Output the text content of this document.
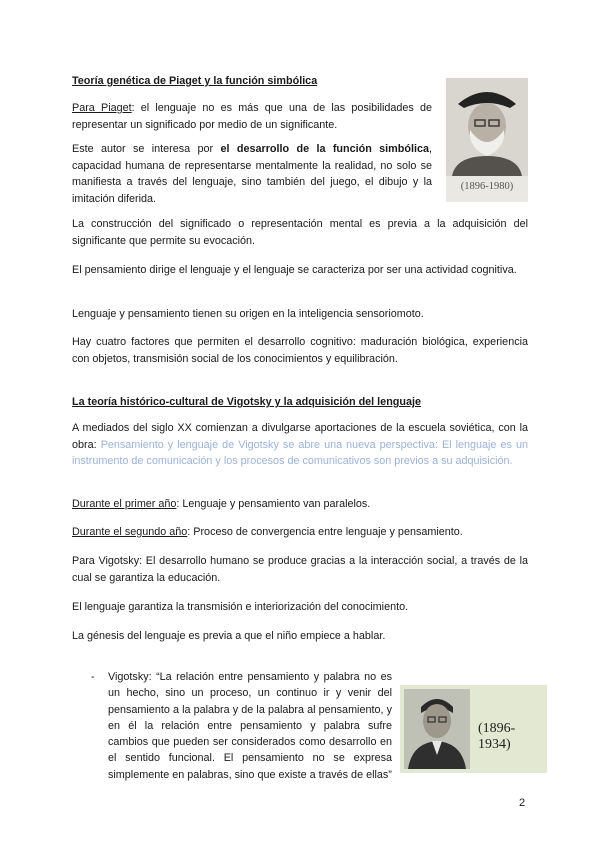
Teoría genética de Piaget y la función simbólica

Para Piaget: el lenguaje no es más que una de las posibilidades de representar un significado por medio de un significante.

Este autor se interesa por el desarrollo de la función simbólica, capacidad humana de representarse mentalmente la realidad, no solo se manifiesta a través del lenguaje, sino también del juego, el dibujo y la imitación diferida.

(1896-1980)

La construcción del significado o representación mental es previa a la adquisición del significante que permite su evocación.

El pensamiento dirige el lenguaje y el lenguaje se caracteriza por ser una actividad cognitiva.

Lenguaje y pensamiento tienen su origen en la inteligencia sensoriomoto.

Hay cuatro factores que permiten el desarrollo cognitivo: maduración biológica, experiencia con objetos, transmisión social de los conocimientos y equilibración.

La teoría histórico-cultural de Vigotsky y la adquisición del lenguaje

A mediados del siglo XX comienzan a divulgarse aportaciones de la escuela soviética, con la obra: Pensamiento y lenguaje de Vigotsky se abre una nueva perspectiva: El lenguaje es un instrumento de comunicación y los procesos de comunicativos son previos a su adquisición.

Durante el primer año: Lenguaje y pensamiento van paralelos.

Durante el segundo año: Proceso de convergencia entre lenguaje y pensamiento.

Para Vigotsky: El desarrollo humano se produce gracias a la interacción social, a través de la cual se garantiza la educación.

El lenguaje garantiza la transmisión e interiorización del conocimiento.

La génesis del lenguaje es previa a que el niño empiece a hablar.

- Vigotsky: “La relación entre pensamiento y palabra no es un hecho, sino un proceso, un continuo ir y venir del pensamiento a la palabra y de la palabra al pensamiento, y en él la relación entre pensamiento y palabra sufre cambios que pueden ser considerados como desarrollo en el sentido funcional. El pensamiento no se expresa simplemente en palabras, sino que existe a través de ellas”

(1896-1934)
2
